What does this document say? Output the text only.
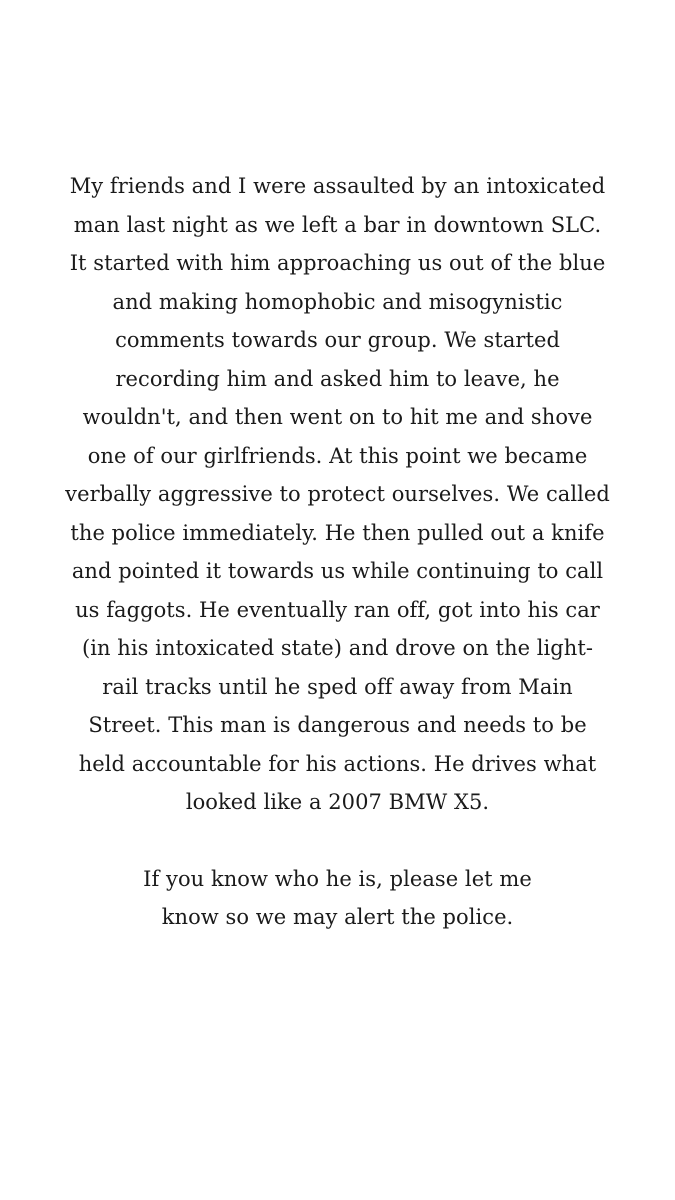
My friends and I were assaulted by an intoxicated
man last night as we left a bar in downtown SLC.
It started with him approaching us out of the blue
and making homophobic and misogynistic
comments towards our group. We started
recording him and asked him to leave, he
wouldn't, and then went on to hit me and shove
one of our girlfriends. At this point we became
verbally aggressive to protect ourselves. We called
the police immediately. He then pulled out a knife
and pointed it towards us while continuing to call
us faggots. He eventually ran off, got into his car
(in his intoxicated state) and drove on the light-
rail tracks until he sped off away from Main
Street. This man is dangerous and needs to be
held accountable for his actions. He drives what
looked like a 2007 BMW X5.

If you know who he is, please let me
know so we may alert the police.
